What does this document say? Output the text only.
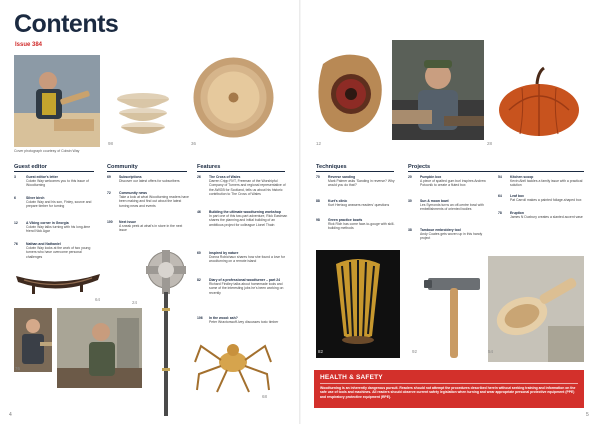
Contents
Issue 384
Cover photograph courtesy of Colwin Way
98	36	12	28
Guest editor
3	Guest editor's letter
Colwin Way welcomes you to this issue of Woodturning
6	Silver birch
Colwin Way and his son, Finley, source and prepare timber for turning
12 A Viking corner in Georgia
Colwin Way talks turning with his long-time friend Nick Agar
76 Nathan and Nathaniel
Colwin Way looks at the work of two young turners who have overcome personal challenges
Community
69 Subscriptions
Discover our latest offers for subscribers
72 Community news
Take a look at what Woodturning readers have been making and find out about the latest turning news and events
100 Next issue
A sneak peek at what's in store in the next issue
Features
26 The Cross of Wales
Darren Cripp RVT, Freeman of the Worshipful Company of Turners and regional representative of the AWGB for Scotland, tells us about his historic contribution to The Cross of Wales
46 Building the ultimate woodturning workshop
In part one of this two-part adventure, Rick Eastman shares the planning and initial building of an ambitious project for colleague Lionel Thain
60 Inspired by nature
Donna Robichaux shares how she found a love for woodturning on a remote island
82 Diary of a professional woodturner – part 24
Richard Findley talks about homemade tools and some of the interesting jobs he's been working on recently
106 In the wood: ash?
Peter Wraxtonwoff-Ivey discusses toxic timber
64
24
76
68
4
Techniques
70 Reverse sanding
Mark Palmer asks 'Sanding in reverse? Why would you do that?'
88 Kurt's clinic
Kurt Hertzog answers readers' questions
98 Green practice bowls
Rick Rich has come face-to-gouge with skill-building methods
Projects
20 Pumpkin box
A piece of spalted gum burl inspires Andrew Potocnik to create a fluted box
30 Sun & moon bowl
Les Symonds turns an off-centre bowl with embellishments of oriented bodies
38 Tambour embroidery tool
Andy Coates gets woven up in this handy project
54 Kitchen scoop
Kevin Abril tackles a family issue with a practical solution
64 Leaf box
Pat Carroll makes a painted foliage-shaped box
78 Eruption
James N Duxbury creates a slanted accent vase
82	92	54
HEALTH & SAFETY
Woodturning is an inherently dangerous pursuit. Readers should not attempt the procedures described herein without seeking training and information on the safe use of tools and machines. All readers should observe current safety legislation when turning and wear appropriate personal protective equipment (PPE) and respiratory protective equipment (RPE).
5
